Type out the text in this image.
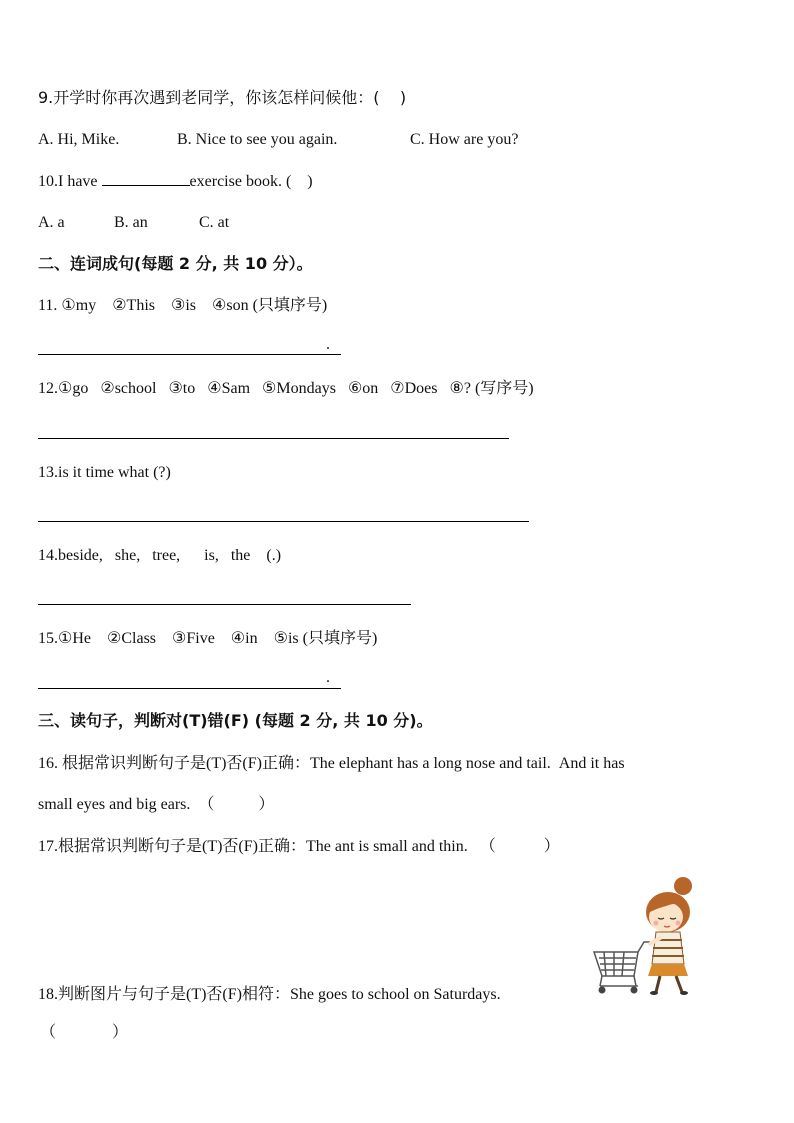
9.开学时你再次遇到老同学，你该怎样问候他：(    )
A. Hi, Mike.	B. Nice to see you again.	C. How are you?
10.I have	exercise book. (    )
A. a	B. an	C. at
二、连词成句(每题 2 分, 共 10 分）。
11. ①my    ②This    ③is    ④son (只填序号)
.
12.①go   ②school   ③to   ④Sam   ⑤Mondays   ⑥on   ⑦Does   ⑧? (写序号)
13.is it time what (?)
14.beside,   she,   tree,      is,   the    (.)
15.①He    ②Class    ③Five    ④in    ⑤is (只填序号)
.
三、读句子，判断对(T)错(F) (每题 2 分, 共 10 分)。
16. 根据常识判断句子是(T)否(F)正确：The elephant has a long nose and tail.  And it has
small eyes and big ears.  （           ）
17.根据常识判断句子是(T)否(F)正确：The ant is small and thin.   （            ）
18.判断图片与句子是(T)否(F)相符：She goes to school on Saturdays.
（           ）
